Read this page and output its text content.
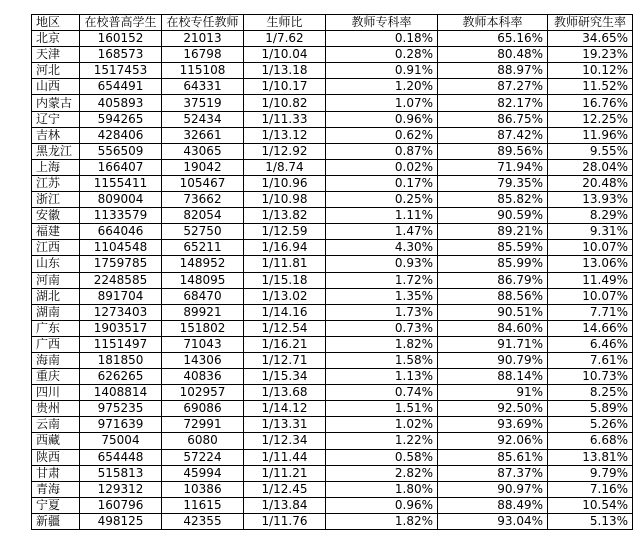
地区	在校普高学生	在校专任教师	生师比	教师专科率	教师本科率	教师研究生率
北京	160152	21013	1/7.62	0.18%	65.16%	34.65%
天津	168573	16798	1/10.04	0.28%	80.48%	19.23%
河北	1517453	115108	1/13.18	0.91%	88.97%	10.12%
山西	654491	64331	1/10.17	1.20%	87.27%	11.52%
内蒙古	405893	37519	1/10.82	1.07%	82.17%	16.76%
辽宁	594265	52434	1/11.33	0.96%	86.75%	12.25%
吉林	428406	32661	1/13.12	0.62%	87.42%	11.96%
黑龙江	556509	43065	1/12.92	0.87%	89.56%	9.55%
上海	166407	19042	1/8.74	0.02%	71.94%	28.04%
江苏	1155411	105467	1/10.96	0.17%	79.35%	20.48%
浙江	809004	73662	1/10.98	0.25%	85.82%	13.93%
安徽	1133579	82054	1/13.82	1.11%	90.59%	8.29%
福建	664046	52750	1/12.59	1.47%	89.21%	9.31%
江西	1104548	65211	1/16.94	4.30%	85.59%	10.07%
山东	1759785	148952	1/11.81	0.93%	85.99%	13.06%
河南	2248585	148095	1/15.18	1.72%	86.79%	11.49%
湖北	891704	68470	1/13.02	1.35%	88.56%	10.07%
湖南	1273403	89921	1/14.16	1.73%	90.51%	7.71%
广东	1903517	151802	1/12.54	0.73%	84.60%	14.66%
广西	1151497	71043	1/16.21	1.82%	91.71%	6.46%
海南	181850	14306	1/12.71	1.58%	90.79%	7.61%
重庆	626265	40836	1/15.34	1.13%	88.14%	10.73%
四川	1408814	102957	1/13.68	0.74%	91%	8.25%
贵州	975235	69086	1/14.12	1.51%	92.50%	5.89%
云南	971639	72991	1/13.31	1.02%	93.69%	5.26%
西藏	75004	6080	1/12.34	1.22%	92.06%	6.68%
陕西	654448	57224	1/11.44	0.58%	85.61%	13.81%
甘肃	515813	45994	1/11.21	2.82%	87.37%	9.79%
青海	129312	10386	1/12.45	1.80%	90.97%	7.16%
宁夏	160796	11615	1/13.84	0.96%	88.49%	10.54%
新疆	498125	42355	1/11.76	1.82%	93.04%	5.13%
